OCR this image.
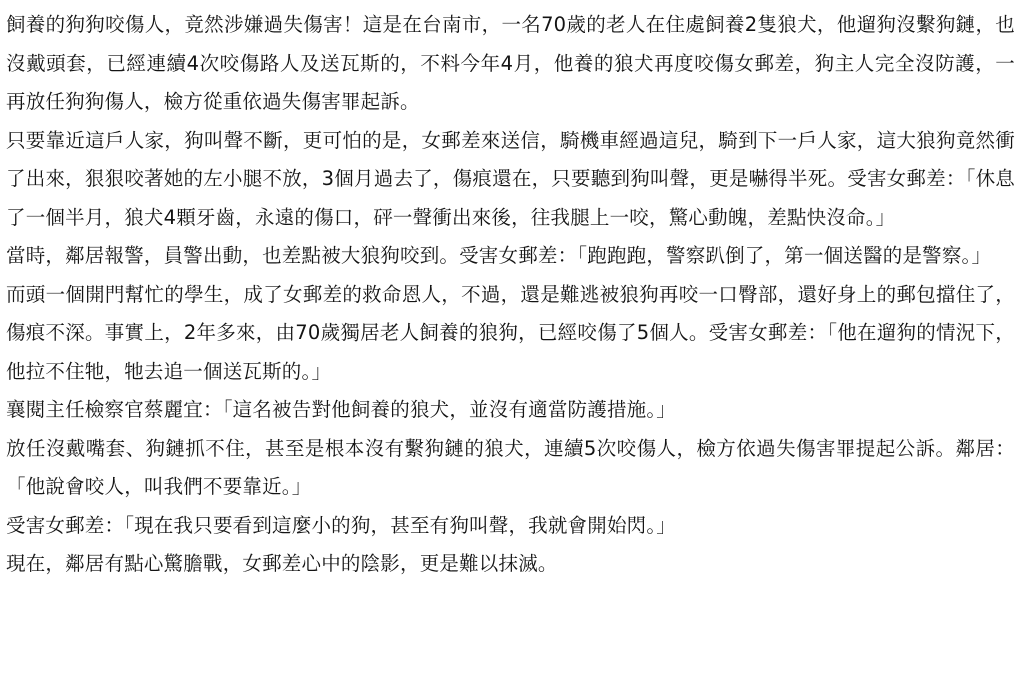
飼養的狗狗咬傷人，竟然涉嫌過失傷害！這是在台南市，一名70歲的老人在住處飼養2隻狼犬，他遛狗沒繫狗鏈，也沒戴頭套，已經連續4次咬傷路人及送瓦斯的，不料今年4月，他養的狼犬再度咬傷女郵差，狗主人完全沒防護，一再放任狗狗傷人，檢方從重依過失傷害罪起訴。

只要靠近這戶人家，狗叫聲不斷，更可怕的是，女郵差來送信，騎機車經過這兒，騎到下一戶人家，這大狼狗竟然衝了出來，狠狠咬著她的左小腿不放，3個月過去了，傷痕還在，只要聽到狗叫聲，更是嚇得半死。受害女郵差：「休息了一個半月，狼犬4顆牙齒，永遠的傷口，砰一聲衝出來後，往我腿上一咬，驚心動魄，差點快沒命。」

當時，鄰居報警，員警出動，也差點被大狼狗咬到。受害女郵差：「跑跑跑，警察趴倒了，第一個送醫的是警察。」

而頭一個開門幫忙的學生，成了女郵差的救命恩人，不過，還是難逃被狼狗再咬一口臀部，還好身上的郵包擋住了，傷痕不深。事實上，2年多來，由70歲獨居老人飼養的狼狗，已經咬傷了5個人。受害女郵差：「他在遛狗的情況下，他拉不住牠，牠去追一個送瓦斯的。」

襄閱主任檢察官蔡麗宜：「這名被告對他飼養的狼犬，並沒有適當防護措施。」

放任沒戴嘴套、狗鏈抓不住，甚至是根本沒有繫狗鏈的狼犬，連續5次咬傷人，檢方依過失傷害罪提起公訴。鄰居：「他說會咬人，叫我們不要靠近。」

受害女郵差：「現在我只要看到這麼小的狗，甚至有狗叫聲，我就會開始閃。」

現在，鄰居有點心驚膽戰，女郵差心中的陰影，更是難以抹滅。
